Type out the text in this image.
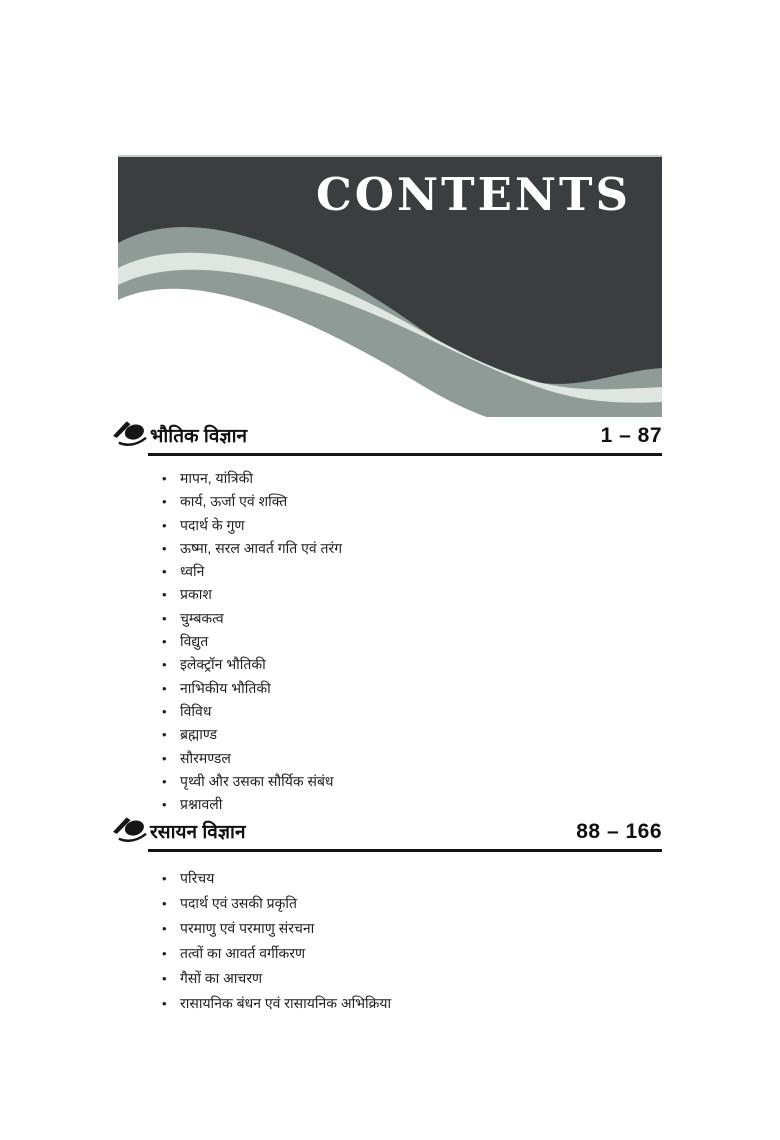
CONTENTS
भौतिक विज्ञान	1 – 87
• मापन, यांत्रिकी
• कार्य, ऊर्जा एवं शक्ति
• पदार्थ के गुण
• ऊष्मा, सरल आवर्त गति एवं तरंग
• ध्वनि
• प्रकाश
• चुम्बकत्व
• विद्युत
• इलेक्ट्रॉन भौतिकी
• नाभिकीय भौतिकी
• विविध
• ब्रह्माण्ड
• सौरमण्डल
• पृथ्वी और उसका सौर्यिक संबंध
• प्रश्नावली
रसायन विज्ञान	88 – 166
• परिचय
• पदार्थ एवं उसकी प्रकृति
• परमाणु एवं परमाणु संरचना
• तत्वों का आवर्त वर्गीकरण
• गैसों का आचरण
• रासायनिक बंधन एवं रासायनिक अभिक्रिया
